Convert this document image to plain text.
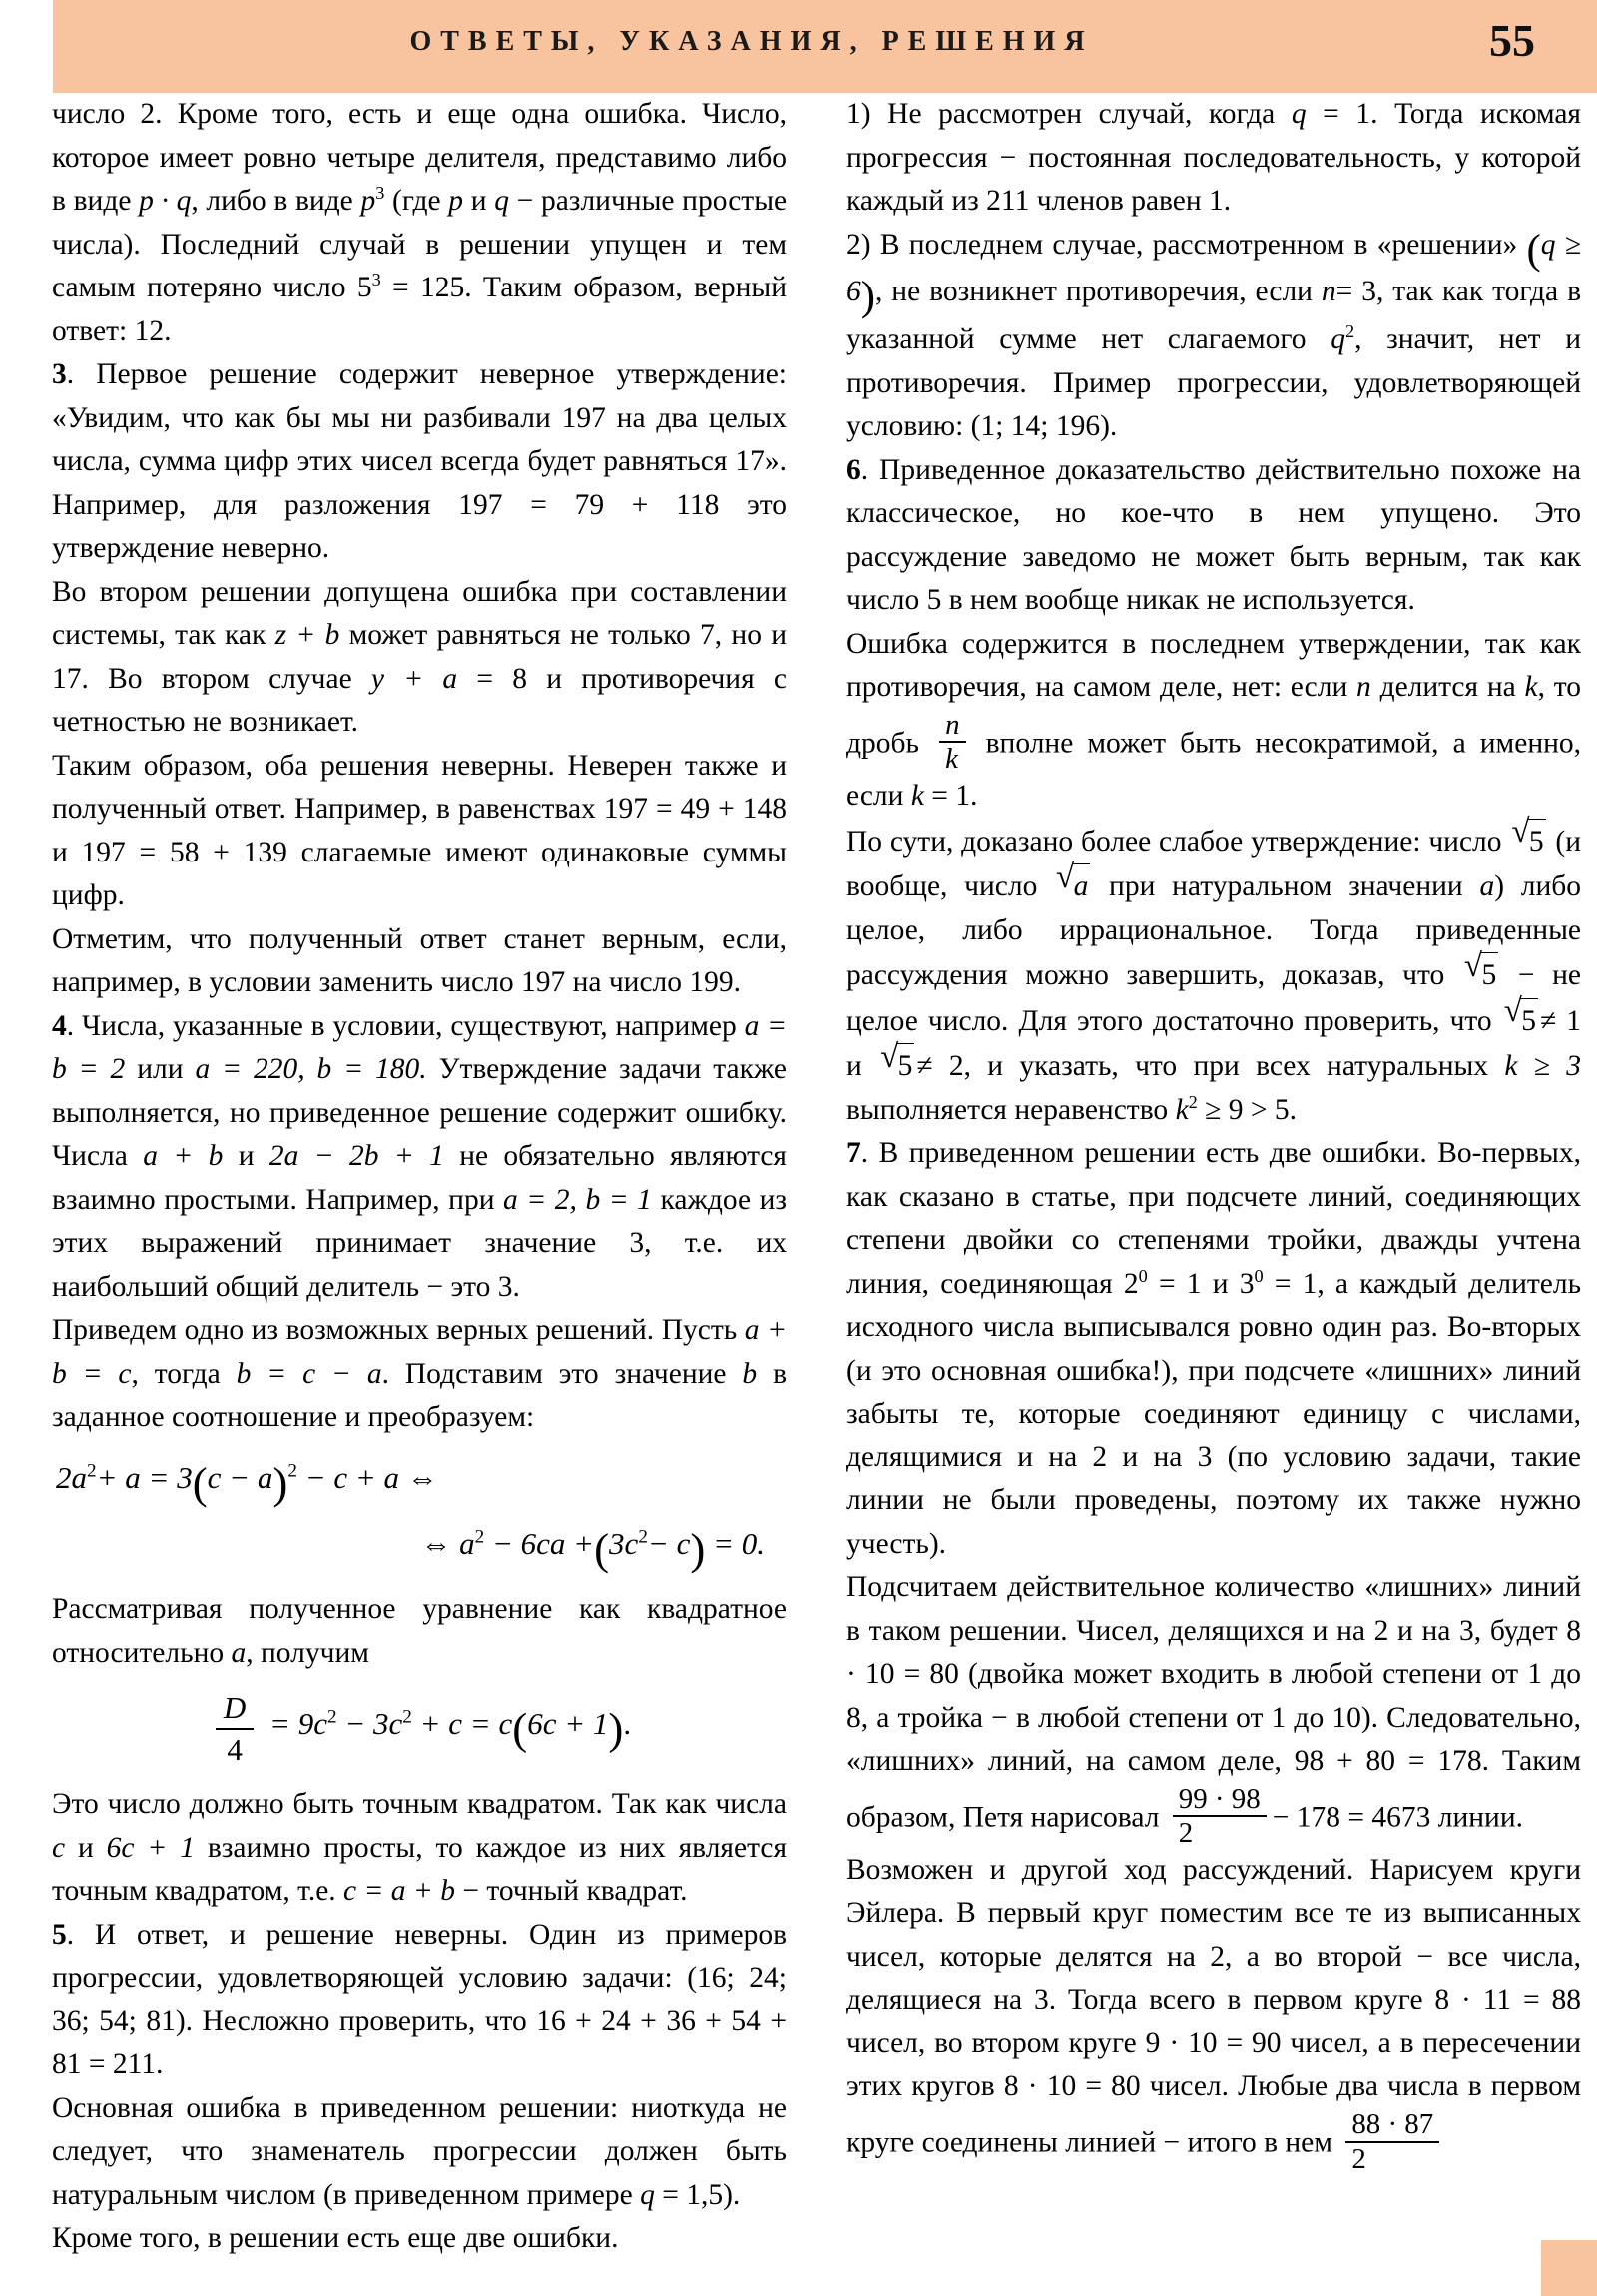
ОТВЕТЫ, УКАЗАНИЯ, РЕШЕНИЯ	55

число 2. Кроме того, есть и еще одна ошибка. Число, которое имеет ровно четыре делителя, представимо либо в виде p · q, либо в виде $p^3$ (где p и q − различные простые числа). Последний случай в решении упущен и тем самым потеряно число $5^3 = 125$. Таким образом, верный ответ: 12.

3. Первое решение содержит неверное утверждение: «Увидим, что как бы мы ни разбивали 197 на два целых числа, сумма цифр этих чисел всегда будет равняться 17». Например, для разложения 197 = 79 + 118 это утверждение неверно.

Во втором решении допущена ошибка при составлении системы, так как z + b может равняться не только 7, но и 17. Во втором случае y + a = 8 и противоречия с четностью не возникает.

Таким образом, оба решения неверны. Неверен также и полученный ответ. Например, в равенствах 197 = 49 + 148 и 197 = 58 + 139 слагаемые имеют одинаковые суммы цифр.

Отметим, что полученный ответ станет верным, если, например, в условии заменить число 197 на число 199.

4. Числа, указанные в условии, существуют, например a = b = 2 или a = 220, b = 180. Утверждение задачи также выполняется, но приведенное решение содержит ошибку. Числа a + b и 2a − 2b + 1 не обязательно являются взаимно простыми. Например, при a = 2, b = 1 каждое из этих выражений принимает значение 3, т.е. их наибольший общий делитель − это 3.

Приведем одно из возможных верных решений. Пусть a + b = c, тогда b = c − a. Подставим это значение b в заданное соотношение и преобразуем:

$2a^2+ a = 3(c - a)^2 - c + a$ ⇔
⇔ $a^2 - 6ca +(3c^2- c) = 0$.

Рассматривая полученное уравнение как квадратное относительно a, получим

$\frac{D}{4} = 9c^2 - 3c^2 + c = c(6c + 1)$.

Это число должно быть точным квадратом. Так как числа c и 6c + 1 взаимно просты, то каждое из них является точным квадратом, т.е. c = a + b − точный квадрат.

5. И ответ, и решение неверны. Один из примеров прогрессии, удовлетворяющей условию задачи: (16; 24; 36; 54; 81). Несложно проверить, что 16 + 24 + 36 + 54 + 81 = 211.

Основная ошибка в приведенном решении: ниоткуда не следует, что знаменатель прогрессии должен быть натуральным числом (в приведенном примере q = 1,5).

Кроме того, в решении есть еще две ошибки.

1) Не рассмотрен случай, когда q = 1. Тогда искомая прогрессия − постоянная последовательность, у которой каждый из 211 членов равен 1.

2) В последнем случае, рассмотренном в «решении» (q ≥ 6), не возникнет противоречия, если n= 3, так как тогда в указанной сумме нет слагаемого $q^2$, значит, нет и противоречия. Пример прогрессии, удовлетворяющей условию: (1; 14; 196).

6. Приведенное доказательство действительно похоже на классическое, но кое-что в нем упущено. Это рассуждение заведомо не может быть верным, так как число 5 в нем вообще никак не используется.

Ошибка содержится в последнем утверждении, так как противоречия, на самом деле, нет: если n делится на k, то дробь $\frac{n}{k}$ вполне может быть несократимой, а именно, если k = 1.

По сути, доказано более слабое утверждение: число √ 5 (и вообще, число √ a при натуральном значении a) либо целое, либо иррациональное. Тогда приведенные рассуждения можно завершить, доказав, что √ 5 − не целое число. Для этого достаточно проверить, что √ 5 ≠ 1 и √ 5 ≠ 2, и указать, что при всех натуральных k ≥ 3 выполняется неравенство $k^2 \ge 9 > 5$.

7. В приведенном решении есть две ошибки. Во-первых, как сказано в статье, при подсчете линий, соединяющих степени двойки со степенями тройки, дважды учтена линия, соединяющая $2^0 = 1$ и $3^0 = 1$, а каждый делитель исходного числа выписывался ровно один раз. Во-вторых (и это основная ошибка!), при подсчете «лишних» линий забыты те, которые соединяют единицу с числами, делящимися и на 2 и на 3 (по условию задачи, такие линии не были проведены, поэтому их также нужно учесть).

Подсчитаем действительное количество «лишних» линий в таком решении. Чисел, делящихся и на 2 и на 3, будет 8 · 10 = 80 (двойка может входить в любой степени от 1 до 8, а тройка − в любой степени от 1 до 10). Следовательно, «лишних» линий, на самом деле, 98 + 80 = 178. Таким образом, Петя нарисовал $\frac{99 \cdot 98}{2} - 178 = 4673$ линии.

Возможен и другой ход рассуждений. Нарисуем круги Эйлера. В первый круг поместим все те из выписанных чисел, которые делятся на 2, а во второй − все числа, делящиеся на 3. Тогда всего в первом круге 8 · 11 = 88 чисел, во втором круге 9 · 10 = 90 чисел, а в пересечении этих кругов 8 · 10 = 80 чисел. Любые два числа в первом круге соединены линией − итого в нем $\frac{88 \cdot 87}{2}$
